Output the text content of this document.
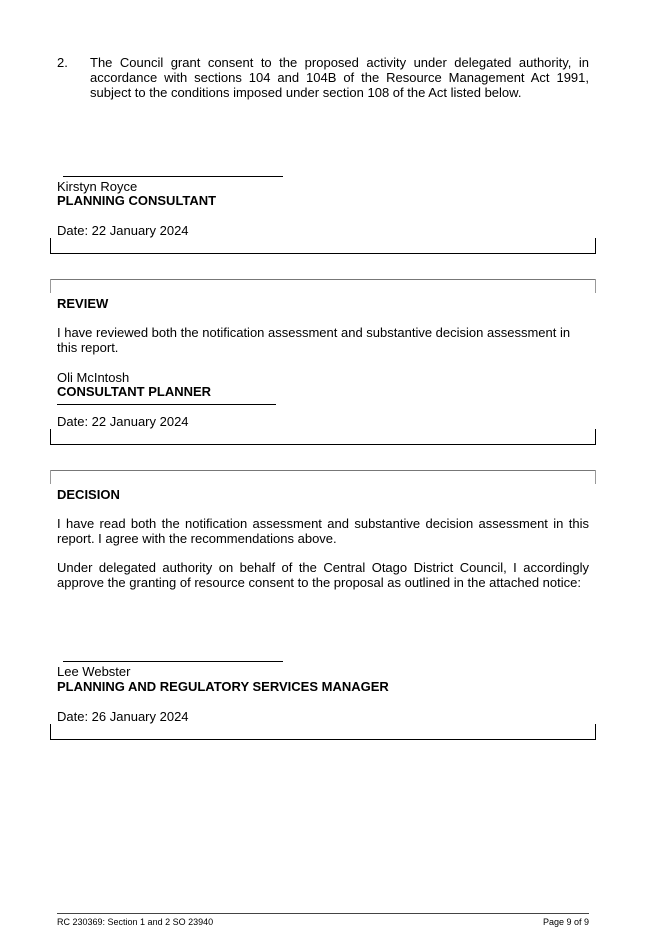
2. The Council grant consent to the proposed activity under delegated authority, in accordance with sections 104 and 104B of the Resource Management Act 1991, subject to the conditions imposed under section 108 of the Act listed below.
Kirstyn Royce
PLANNING CONSULTANT
Date: 22 January 2024
REVIEW
I have reviewed both the notification assessment and substantive decision assessment in this report.
Oli McIntosh
CONSULTANT PLANNER
Date: 22 January 2024
DECISION
I have read both the notification assessment and substantive decision assessment in this report. I agree with the recommendations above.
Under delegated authority on behalf of the Central Otago District Council, I accordingly approve the granting of resource consent to the proposal as outlined in the attached notice:
Lee Webster
PLANNING AND REGULATORY SERVICES MANAGER
Date: 26 January 2024
RC 230369: Section 1 and 2 SO 23940	Page 9 of 9
